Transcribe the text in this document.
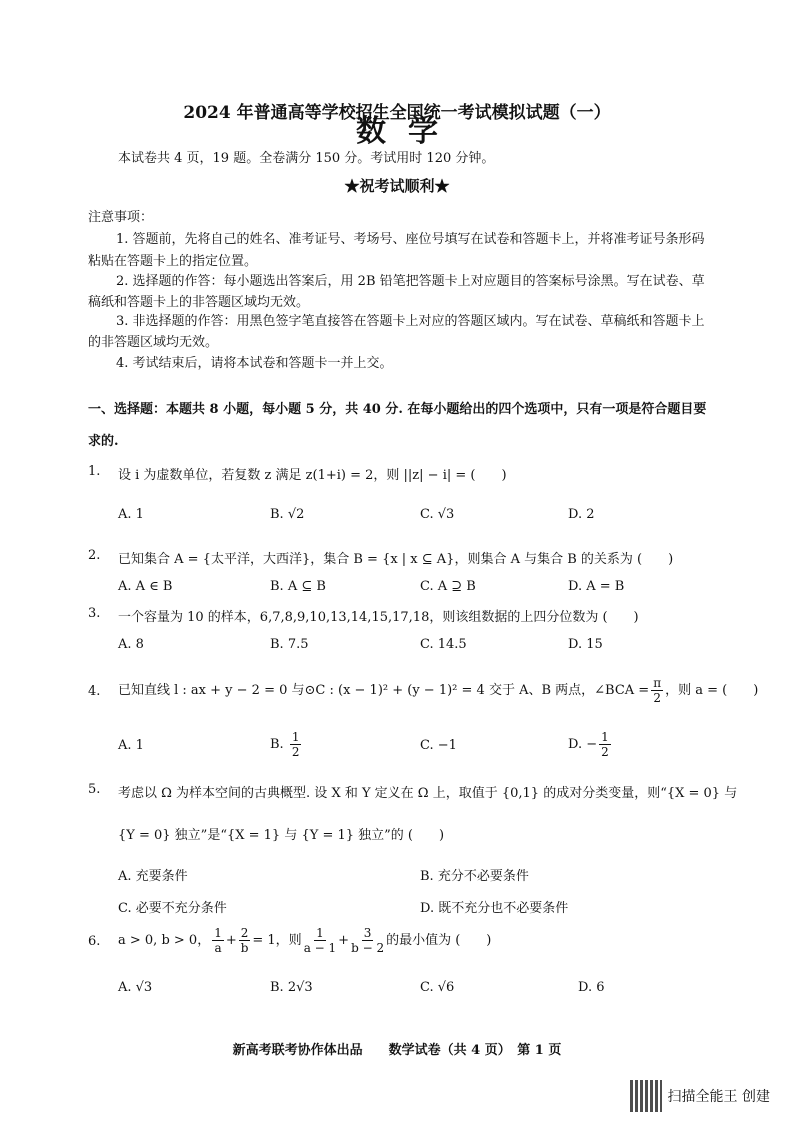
2024 年普通高等学校招生全国统一考试模拟试题（一）
数学
本试卷共 4 页，19 题。全卷满分 150 分。考试用时 120 分钟。
★祝考试顺利★
注意事项：
1. 答题前，先将自己的姓名、准考证号、考场号、座位号填写在试卷和答题卡上，并将准考证号条形码
粘贴在答题卡上的指定位置。
2. 选择题的作答：每小题选出答案后，用 2B 铅笔把答题卡上对应题目的答案标号涂黑。写在试卷、草
稿纸和答题卡上的非答题区域均无效。
3. 非选择题的作答：用黑色签字笔直接答在答题卡上对应的答题区域内。写在试卷、草稿纸和答题卡上
的非答题区域均无效。
4. 考试结束后，请将本试卷和答题卡一并上交。
一、选择题：本题共 8 小题，每小题 5 分，共 40 分. 在每小题给出的四个选项中，只有一项是符合题目要
求的.
1. 设 i 为虚数单位，若复数 z 满足 z(1+i) = 2，则 ||z| − i| = (　　)
A. 1	B. √2	C. √3	D. 2
2. 已知集合 A = {太平洋，大西洋}，集合 B = {x | x ⊆ A}，则集合 A 与集合 B 的关系为 (　　)
A. A ∈ B	B. A ⊆ B	C. A ⊇ B	D. A = B
3. 一个容量为 10 的样本，6,7,8,9,10,13,14,15,17,18，则该组数据的上四分位数为 (　　)
A. 8	B. 7.5	C. 14.5	D. 15
4. 已知直线 l : ax + y − 2 = 0 与⊙C : (x − 1)² + (y − 1)² = 4 交于 A、B 两点，∠BCA = $\frac{\pi}{2}$ ，则 a = (　　)
A. 1	B. $\frac{1}{2}$	C. −1	D. − $\frac{1}{2}$
5. 考虑以 Ω 为样本空间的古典概型. 设 X 和 Y 定义在 Ω 上，取值于 {0,1} 的成对分类变量，则“{X = 0} 与
{Y = 0} 独立”是“{X = 1} 与 {Y = 1} 独立”的 (　　)
A. 充要条件	B. 充分不必要条件
C. 必要不充分条件	D. 既不充分也不必要条件
6. a > 0, b > 0， $\frac{1}{a} + \frac{2}{b} = 1$，则 $\frac{1}{a - 1} + \frac{3}{b - 2}$ 的最小值为 (　　)
A. √3	B. 2√3	C. √6	D. 6
新高考联考协作体出品　　数学试卷（共 4 页）　第 1 页
扫描全能王 创建
